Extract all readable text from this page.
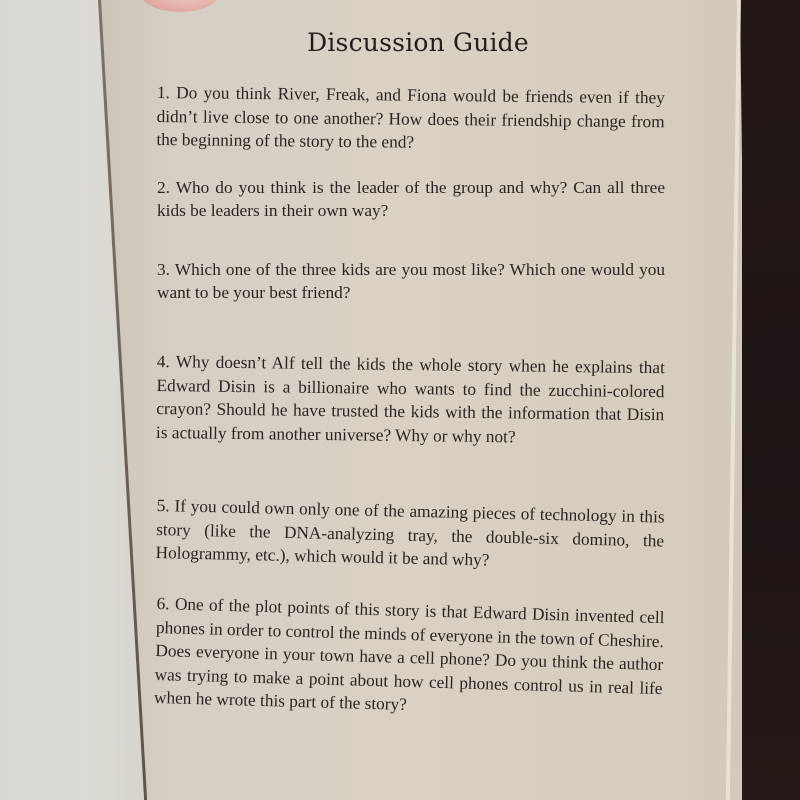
Discussion Guide

1. Do you think River, Freak, and Fiona would be friends even if they didn’t live close to one another? How does their friendship change from the beginning of the story to the end?

2. Who do you think is the leader of the group and why? Can all three kids be leaders in their own way?

3. Which one of the three kids are you most like? Which one would you want to be your best friend?

4. Why doesn’t Alf tell the kids the whole story when he explains that Edward Disin is a billionaire who wants to find the zucchini-colored crayon? Should he have trusted the kids with the information that Disin is actually from another universe? Why or why not?

5. If you could own only one of the amazing pieces of technology in this story (like the DNA-analyzing tray, the double-six domino, the Hologrammy, etc.), which would it be and why?

6. One of the plot points of this story is that Edward Disin invented cell phones in order to control the minds of everyone in the town of Cheshire. Does everyone in your town have a cell phone? Do you think the author was trying to make a point about how cell phones control us in real life when he wrote this part of the story?
